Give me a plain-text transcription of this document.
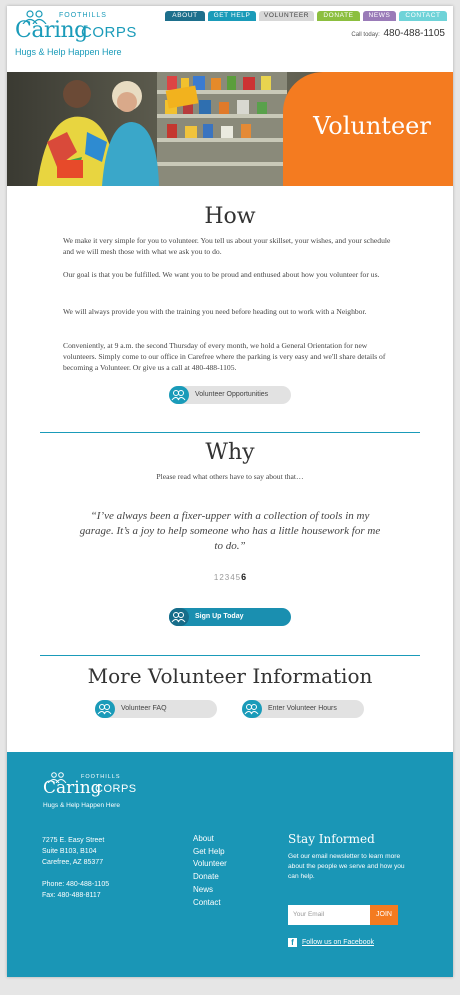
FOOTHILLS
Caring
CORPS
Hugs & Help Happen Here
ABOUT	GET HELP	VOLUNTEER	DONATE	NEWS	CONTACT
Call today: 480-488-1105
Volunteer
How

We make it very simple for you to volunteer. You tell us about your skillset, your wishes, and your schedule and we will mesh those with what we ask you to do.

Our goal is that you be fulfilled. We want you to be proud and enthused about how you volunteer for us.

We will always provide you with the training you need before heading out to work with a Neighbor.

Conveniently, at 9 a.m. the second Thursday of every month, we hold a General Orientation for new volunteers. Simply come to our office in Carefree where the parking is very easy and we'll share details of becoming a Volunteer. Or give us a call at 480-488-1105.

Volunteer Opportunities
Why
Please read what others have to say about that…

“I’ve always been a fixer-upper with a collection of tools in my garage. It’s a joy to help someone who has a little housework for me to do.”

123456
Sign Up Today
More Volunteer Information
Volunteer FAQ	Enter Volunteer Hours
FOOTHILLS
Caring
CORPS
Hugs & Help Happen Here
7275 E. Easy Street
Suite B103, B104
Carefree, AZ 85377
Phone: 480-488-1105
Fax: 480-488-8117
About
Get Help
Volunteer
Donate
News
Contact
Stay Informed
Get our email newsletter to learn more about the people we serve and how you can help.
Your Email	JOIN
f Follow us on Facebook
